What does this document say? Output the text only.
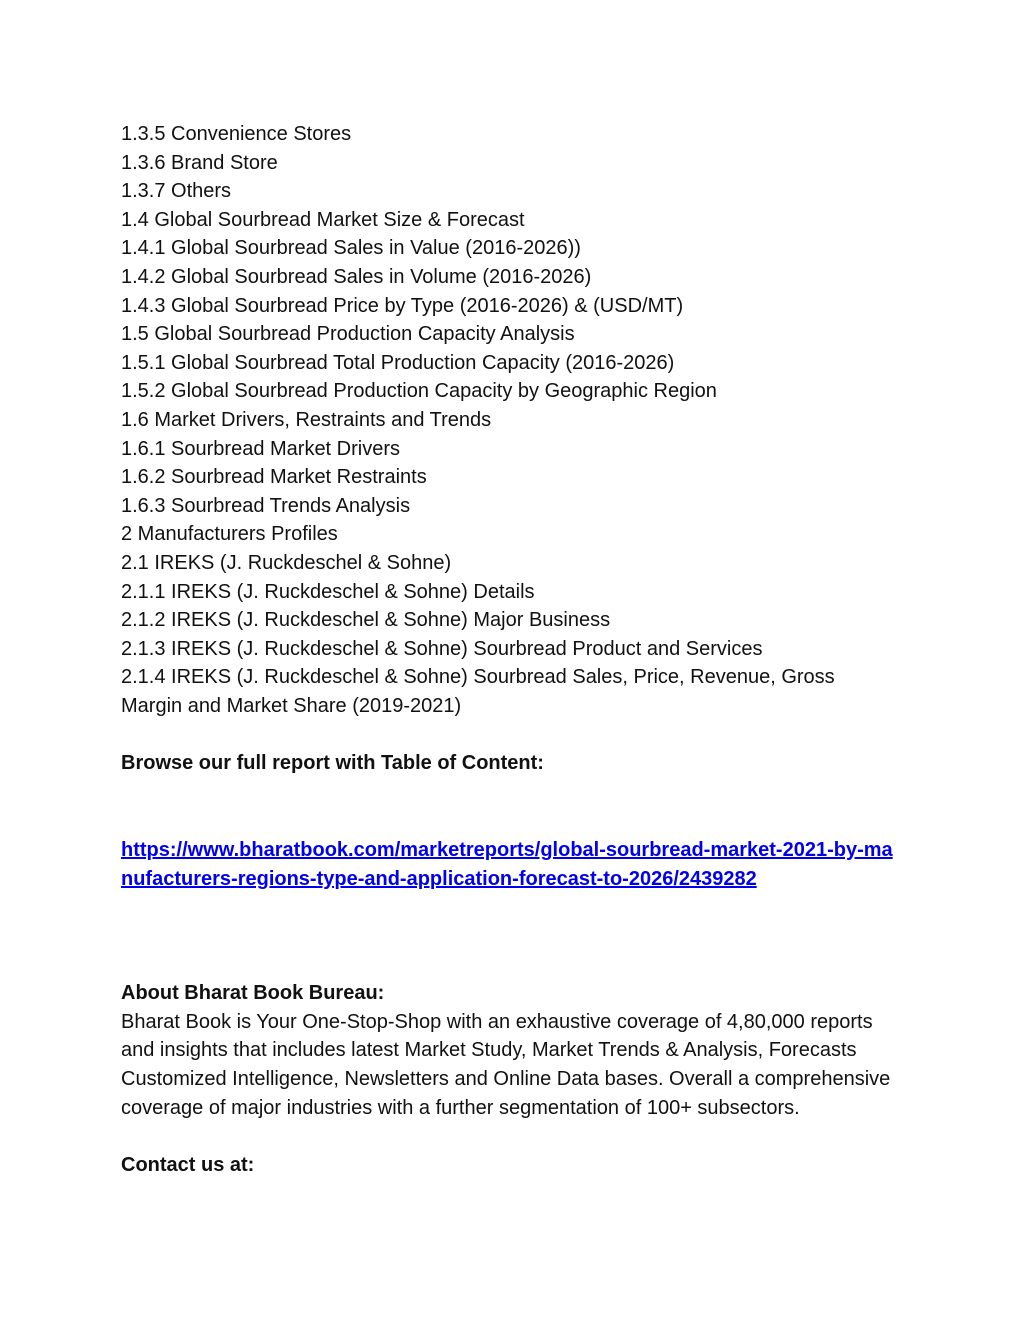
1.3.5 Convenience Stores
1.3.6 Brand Store
1.3.7 Others
1.4 Global Sourbread Market Size & Forecast
1.4.1 Global Sourbread Sales in Value (2016-2026))
1.4.2 Global Sourbread Sales in Volume (2016-2026)
1.4.3 Global Sourbread Price by Type (2016-2026) & (USD/MT)
1.5 Global Sourbread Production Capacity Analysis
1.5.1 Global Sourbread Total Production Capacity (2016-2026)
1.5.2 Global Sourbread Production Capacity by Geographic Region
1.6 Market Drivers, Restraints and Trends
1.6.1 Sourbread Market Drivers
1.6.2 Sourbread Market Restraints
1.6.3 Sourbread Trends Analysis
2 Manufacturers Profiles
2.1 IREKS (J. Ruckdeschel & Sohne)
2.1.1 IREKS (J. Ruckdeschel & Sohne) Details
2.1.2 IREKS (J. Ruckdeschel & Sohne) Major Business
2.1.3 IREKS (J. Ruckdeschel & Sohne) Sourbread Product and Services
2.1.4 IREKS (J. Ruckdeschel & Sohne) Sourbread Sales, Price, Revenue, Gross Margin and Market Share (2019-2021)
Browse our full report with Table of Content:
https://www.bharatbook.com/marketreports/global-sourbread-market-2021-by-manufacturers-regions-type-and-application-forecast-to-2026/2439282
About Bharat Book Bureau:

Bharat Book is Your One-Stop-Shop with an exhaustive coverage of 4,80,000 reports and insights that includes latest Market Study, Market Trends & Analysis, Forecasts Customized Intelligence, Newsletters and Online Data bases. Overall a comprehensive coverage of major industries with a further segmentation of 100+ subsectors.

Contact us at:
